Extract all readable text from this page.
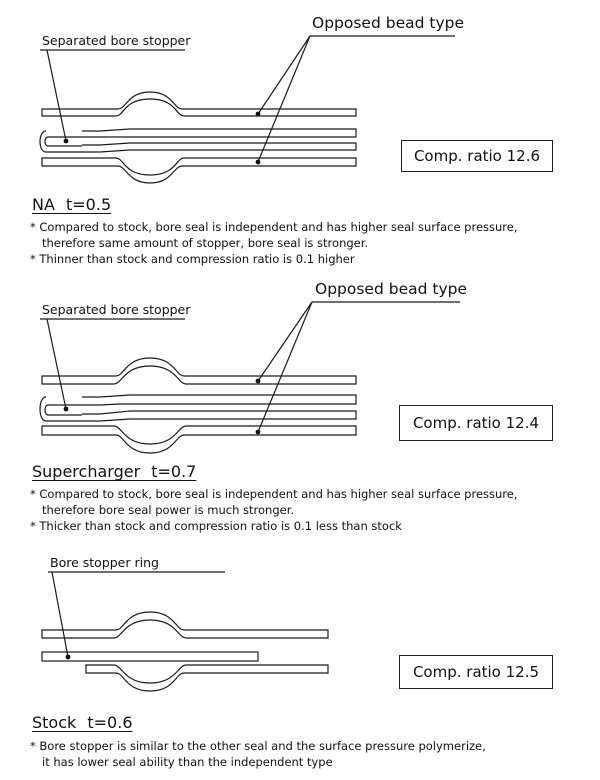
Separated bore stopper
Opposed bead type
Comp. ratio 12.6
NA t=0.5
* Compared to stock, bore seal is independent and has higher seal surface pressure,
therefore same amount of stopper, bore seal is stronger.
* Thinner than stock and compression ratio is 0.1 higher
Separated bore stopper
Opposed bead type
Comp. ratio 12.4
Supercharger t=0.7
* Compared to stock, bore seal is independent and has higher seal surface pressure,
therefore bore seal power is much stronger.
* Thicker than stock and compression ratio is 0.1 less than stock
Bore stopper ring
Comp. ratio 12.5
Stock t=0.6
* Bore stopper is similar to the other seal and the surface pressure polymerize,
it has lower seal ability than the independent type
